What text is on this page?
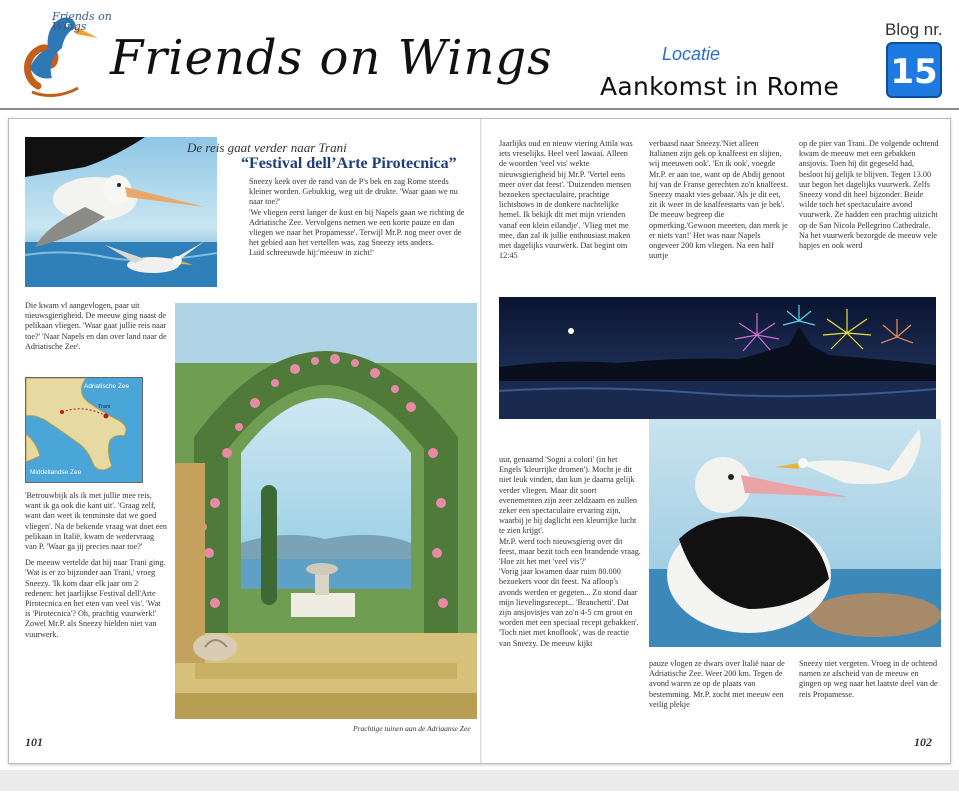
Friends on Wings
Friends on Wings	Locatie
Aankomst in Rome
Blog nr.
15
De reis gaat verder naar Trani
“Festival dell’Arte Pirotecnica”

Sneezy keek over de rand van de P's bek en zag Rome steeds kleiner worden. Gebukkig, weg uit de drukte. 'Waar gaan we nu naar toe?'

'We vliegen eerst langer de kust en bij Napels gaan we richting de Adriatische Zee. Vervolgens nemen we een korte pauze en dan vliegen we naar het Propamesse'. Terwijl Mr.P. nog meer over de het gebied aan het vertellen was, zag Sneezy iets anders.

Luid schreeuwde hij:'meeuw in zicht!'

Die kwam vl aangevlogen, paar uit nieuwsgierigheid. De meeuw ging naast de pelikaan vliegen. 'Waar gaat jullie reis naar toe?' 'Naar Napels en dan over land naar de Adriatische Zee'.

Adriatische Zee
Trani
Middellandse Zee

'Betrouwbijk als ik met jullie mee reis, want ik ga ook die kant uit'. 'Graag zelf, want dan weet ik tenminste dat we goed vliegen'. Na de bekende vraag wat doet een pelikaan in Italië, kwam de wedervraag van P. 'Waar ga jij precies naar toe?'

De meeuw vertelde dat hij naar Trani ging. 'Wat is er zo bijzonder aan Trani,' vroeg Sneezy. 'Ik kom daar elk jaar om 2 redenen: het jaarlijkse Festival dell'Arte Pirotecnica en het eten van veel vis'. 'Wat is 'Pirotecnica'? Oh, prachtig vuurwerk!' Zowel Mr.P. als Sneezy hielden niet van vuurwerk.

Prachtige tuinen aan de Adriaanse Zee
101

Jaarlijks oud en nieuw viering Attila was iets vreselijks. Heel veel lawaai. Alleen de woorden 'veel vis' wekte nieuwsgierigheid bij Mr.P. 'Vertel eens meer over dat feest'. 'Duizenden mensen bezoeken spectaculaire, prachtige lichtshows in de donkere nachtelijke hemel. Ik bekijk dit met mijn vrienden vanaf een klein eilandje'. 'Vlieg met me mee, dan zal ik jullie enthousiast maken met dagelijks vuurwerk. Dat begint om 12:45

verbaasd naar Sneezy.'Niet alleen Italianen zijn gek op knalfeest en slijten, wij meeuwen ook'. 'En ik ook', voegde Mr.P. er aan toe, want op de Abdij genoot hij van de Franse gerechten zo'n knalfeest. Sneezy maakt vies gebaar.'Als je dit eet, zit ik weer in de knalfeestarts van je bek'. De meeuw begreep die opmerking.'Gewoon meeeten, dan merk je er niets van!' Het was naar Napels ongeveer 200 km vliegen. Na een half uurtje

op de pier van Trani. De volgende ochtend kwam de meeuw met een gebakken ansjovis. Toen hij dit gegeseld had, besloot hij gelijk te blijven. Tegen 13.00 uur begon het dagelijks vuurwerk. Zelfs Sneezy vond dit heel bijzonder. Beide wilde toch het spectaculaire avond vuurwerk. Ze hadden een prachtig uitzicht op de San Nicola Pellegrino Cathedrale. Na het vuurwerk bezorgde de meeuw vele hapjes en ook werd

uur, genaamd 'Sogni a colori' (in het Engels 'kleurrijke dromen'). Mocht je dit niet leuk vinden, dan kun je daarna gelijk verder vliegen. Maar dit soort evenementen zijn zeer zeldzaam en zullen zeker een spectaculaire ervaring zijn, waarbij je bij daglicht een kleurrijke lucht te zien krijgt'.

Mr.P. werd toch nieuwsgierig over dit feest, maar bezit toch een brandende vraag. 'Hoe zit het met 'veel vis'?'

'Vorig jaar kwamen daar ruim 80.000 bezoekers voor dit feest. Na afloop's avonds werden er gegeten... Zo stond daar mijn lievelingsrecept... 'Branchetti'. Dat zijn ansjovisjes van zo'n 4-5 cm groot en worden met een speciaal recept gebakken'. 'Toch niet met knoflook', was de reactie van Sneezy. De meeuw kijkt

pauze vlogen ze dwars over Italië naar de Adriatische Zee. Weer 200 km. Tegen de avond waren ze op de plaats van bestemming. Mr.P. zocht met meeuw een veilig plekje

Sneezy niet vergeten. Vroeg in de ochtend namen ze afscheid van de meeuw en gingen op weg naar het laatste deel van de reis Propamesse.

102
